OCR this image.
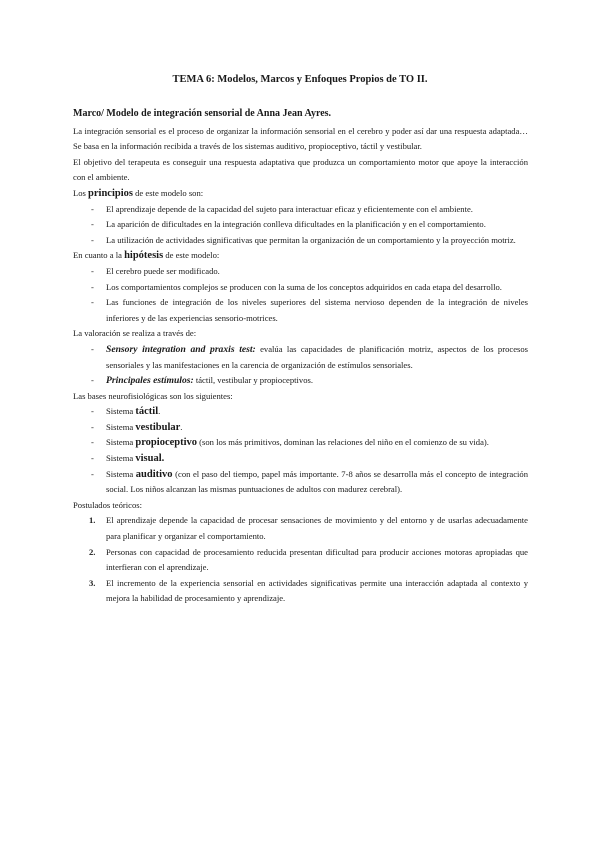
TEMA 6: Modelos, Marcos y Enfoques Propios de TO II.
Marco/ Modelo de integración sensorial de Anna Jean Ayres.

La integración sensorial es el proceso de organizar la información sensorial en el cerebro y poder así dar una respuesta adaptada… Se basa en la información recibida a través de los sistemas auditivo, propioceptivo, táctil y vestibular.

El objetivo del terapeuta es conseguir una respuesta adaptativa que produzca un comportamiento motor que apoye la interacción con el ambiente.

Los principios de este modelo son:

- El aprendizaje depende de la capacidad del sujeto para interactuar eficaz y eficientemente con el ambiente.
- La aparición de dificultades en la integración conlleva dificultades en la planificación y en el comportamiento.
- La utilización de actividades significativas que permitan la organización de un comportamiento y la proyección motriz.

En cuanto a la hipótesis de este modelo:

- El cerebro puede ser modificado.
- Los comportamientos complejos se producen con la suma de los conceptos adquiridos en cada etapa del desarrollo.
- Las funciones de integración de los niveles superiores del sistema nervioso dependen de la integración de niveles inferiores y de las experiencias sensorio-motrices.

La valoración se realiza a través de:

- Sensory integration and praxis test: evalúa las capacidades de planificación motriz, aspectos de los procesos sensoriales y las manifestaciones en la carencia de organización de estímulos sensoriales.
- Principales estímulos: táctil, vestibular y propioceptivos.

Las bases neurofisiológicas son los siguientes:

- Sistema táctil.
- Sistema vestibular.
- Sistema propioceptivo (son los más primitivos, dominan las relaciones del niño en el comienzo de su vida).
- Sistema visual.
- Sistema auditivo (con el paso del tiempo, papel más importante. 7-8 años se desarrolla más el concepto de integración social. Los niños alcanzan las mismas puntuaciones de adultos con madurez cerebral).

Postulados teóricos:

1. El aprendizaje depende la capacidad de procesar sensaciones de movimiento y del entorno y de usarlas adecuadamente para planificar y organizar el comportamiento.
2. Personas con capacidad de procesamiento reducida presentan dificultad para producir acciones motoras apropiadas que interfieran con el aprendizaje.
3. El incremento de la experiencia sensorial en actividades significativas permite una interacción adaptada al contexto y mejora la habilidad de procesamiento y aprendizaje.
